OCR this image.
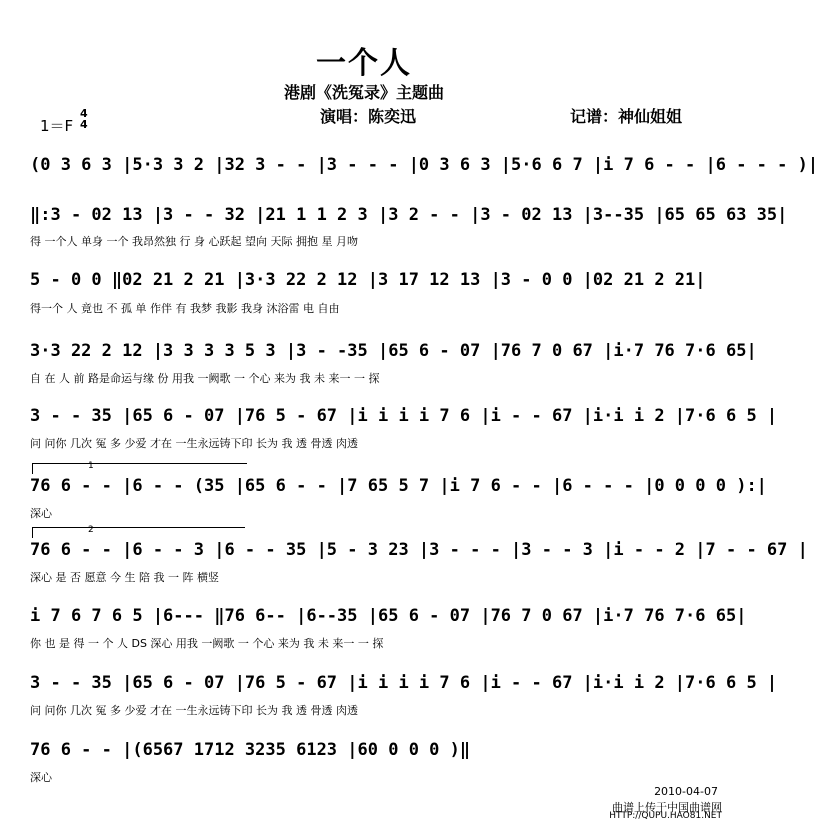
一个人
港剧《洗冤录》主题曲
演唱：陈奕迅	记谱：神仙姐姐
1＝F
4
4
(0 3 6 3 |5·3 3 2 |32 3 - - |3 - - - |0 3 6 3 |5·6 6 7 |i 7 6 - - |6 - - - )|
‖:3 - 02 13 |3 - - 32 |21 1 1 2 3 |3 2 - - |3 - 02 13 |3--35 |65 65 63 35|
得 一个人 单身 一个 我昂然独 行 身 心跃起 望向 天际 拥抱 星 月吻
5 - 0 0 ‖02 21 2 21 |3·3 22 2 12 |3 17 12 13 |3 - 0 0 |02 21 2 21|
得一个 人 竟也 不 孤 单 作伴 有 我梦 我影 我身 沐浴雷 电 自由
3·3 22 2 12 |3 3 3 3 5 3 |3 - -35 |65 6 - 07 |76 7 0 67 |i·7 76 7·6 65|
自 在 人 前 路是命运与缘 份 用我 一阙歌 一 个心 来为 我 未 来一 一 探
3 - - 35 |65 6 - 07 |76 5 - 67 |i i i i 7 6 |i - - 67 |i·i i 2 |7·6 6 5 |
问 问你 几次 冤 多 少爱 才在 一生永远铸下印 长为 我 透 骨透 肉透
1
76 6 - - |6 - - (35 |65 6 - - |7 65 5 7 |i 7 6 - - |6 - - - |0 0 0 0 ):|
深心
2
76 6 - - |6 - - 3 |6 - - 35 |5 - 3 23 |3 - - - |3 - - 3 |i - - 2 |7 - - 67 |
深心 是 否 愿意 今 生 陪 我 一 阵 横竖
i 7 6 7 6 5 |6--- ‖76 6-- |6--35 |65 6 - 07 |76 7 0 67 |i·7 76 7·6 65|
你 也 是 得 一 个 人 DS 深心 用我 一阙歌 一 个心 来为 我 未 来一 一 探
3 - - 35 |65 6 - 07 |76 5 - 67 |i i i i 7 6 |i - - 67 |i·i i 2 |7·6 6 5 |
问 问你 几次 冤 多 少爱 才在 一生永远铸下印 长为 我 透 骨透 肉透
76 6 - - |(6567 1712 3235 6123 |60 0 0 0 )‖
深心
2010-04-07
曲谱上传于中国曲谱网
HTTP://QUPU.HAO81.NET
